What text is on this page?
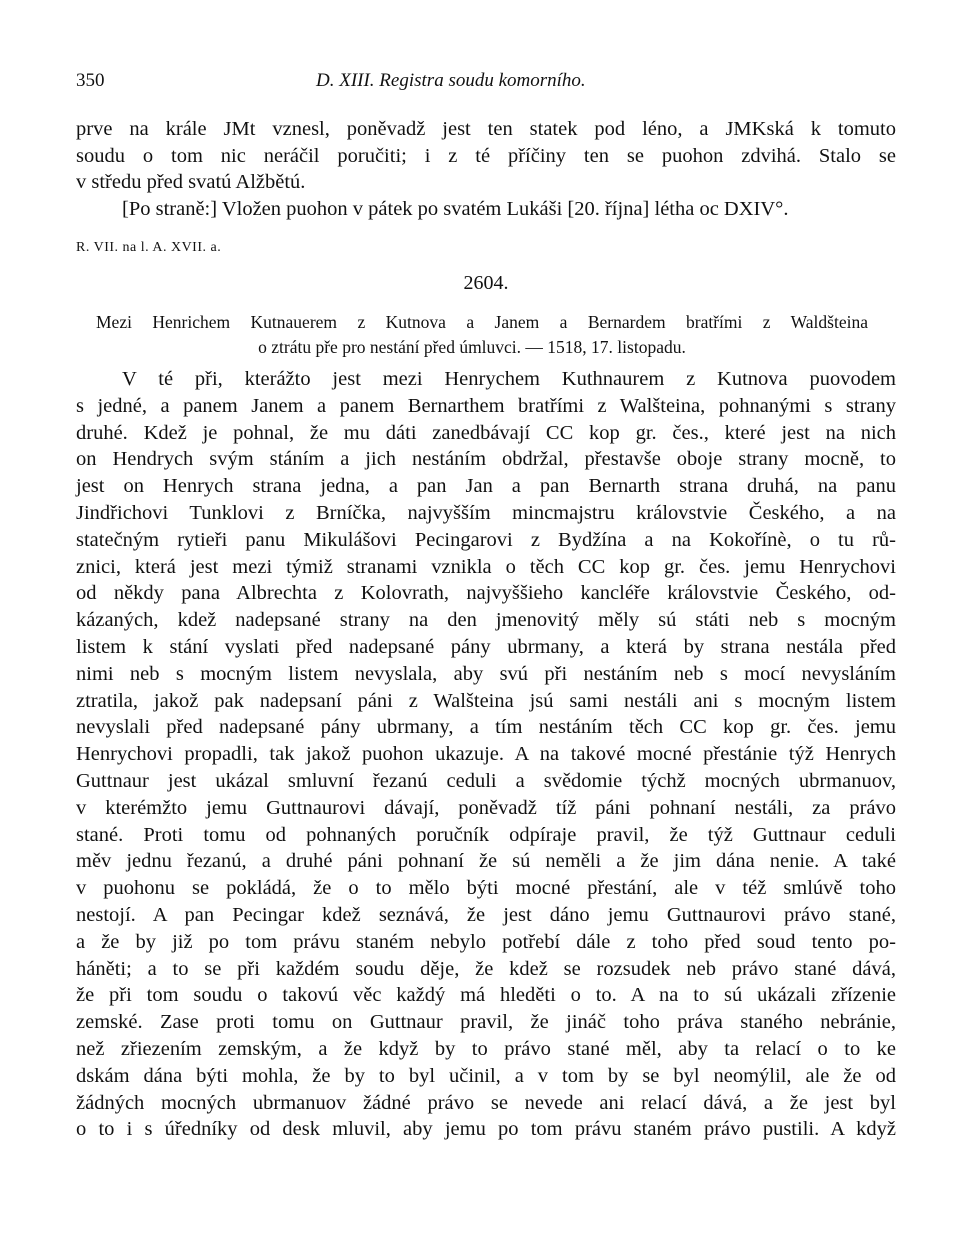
350	D. XIII. Registra soudu komorního.
prve na krále JMt vznesl, poněvadž jest ten statek pod léno, a JMKská k tomuto
soudu o tom nic neráčil poručiti; i z té příčiny ten se puohon zdvihá. Stalo se
v středu před svatú Alžbětú.
[Po straně:] Vložen puohon v pátek po svatém Lukáši [20. října] létha oc DXIV°.
R. VII. na l. A. XVII. a.
2604.
Mezi Henrichem Kutnauerem z Kutnova a Janem a Bernardem bratřími z Waldšteina
o ztrátu pře pro nestání před úmluvci. — 1518, 17. listopadu.
V té při, kterážto jest mezi Henrychem Kuthnaurem z Kutnova puovodem
s jedné, a panem Janem a panem Bernarthem bratřími z Walšteina, pohnanými s strany
druhé. Kdež je pohnal, že mu dáti zanedbávají CC kop gr. čes., které jest na nich
on Hendrych svým stáním a jich nestáním obdržal, přestavše oboje strany mocně, to
jest on Henrych strana jedna, a pan Jan a pan Bernarth strana druhá, na panu
Jindřichovi Tunklovi z Brníčka, najvyšším mincmajstru královstvie Českého, a na
statečným rytieři panu Mikulášovi Pecingarovi z Bydžína a na Kokořínè, o tu rů-
znici, která jest mezi týmiž stranami vznikla o těch CC kop gr. čes. jemu Henrychovi
od někdy pana Albrechta z Kolovrath, najvyššieho kancléře královstvie Českého, od-
kázaných, kdež nadepsané strany na den jmenovitý měly sú státi neb s mocným
listem k stání vyslati před nadepsané pány ubrmany, a která by strana nestála před
nimi neb s mocným listem nevyslala, aby svú při nestáním neb s mocí nevysláním
ztratila, jakož pak nadepsaní páni z Walšteina jsú sami nestáli ani s mocným listem
nevyslali před nadepsané pány ubrmany, a tím nestáním těch CC kop gr. čes. jemu
Henrychovi propadli, tak jakož puohon ukazuje. A na takové mocné přestánie týž Henrych
Guttnaur jest ukázal smluvní řezanú ceduli a svědomie týchž mocných ubrmanuov,
v kterémžto jemu Guttnaurovi dávají, poněvadž tíž páni pohnaní nestáli, za právo
stané. Proti tomu od pohnaných poručník odpíraje pravil, že týž Guttnaur ceduli
měv jednu řezanú, a druhé páni pohnaní že sú neměli a že jim dána nenie. A také
v puohonu se pokládá, že o to mělo býti mocné přestání, ale v též smlúvě toho
nestojí. A pan Pecingar kdež seznává, že jest dáno jemu Guttnaurovi právo stané,
a že by již po tom právu staném nebylo potřebí dále z toho před soud tento po-
háněti; a to se při každém soudu děje, že kdež se rozsudek neb právo stané dává,
že při tom soudu o takovú věc každý má hleděti o to. A na to sú ukázali zřízenie
zemské. Zase proti tomu on Guttnaur pravil, že jináč toho práva staného nebránie,
než zřiezením zemským, a že když by to právo stané měl, aby ta relací o to ke
dskám dána býti mohla, že by to byl učinil, a v tom by se byl neomýlil, ale že od
žádných mocných ubrmanuov žádné právo se nevede ani relací dává, a že jest byl
o to i s úředníky od desk mluvil, aby jemu po tom právu staném právo pustili. A když
